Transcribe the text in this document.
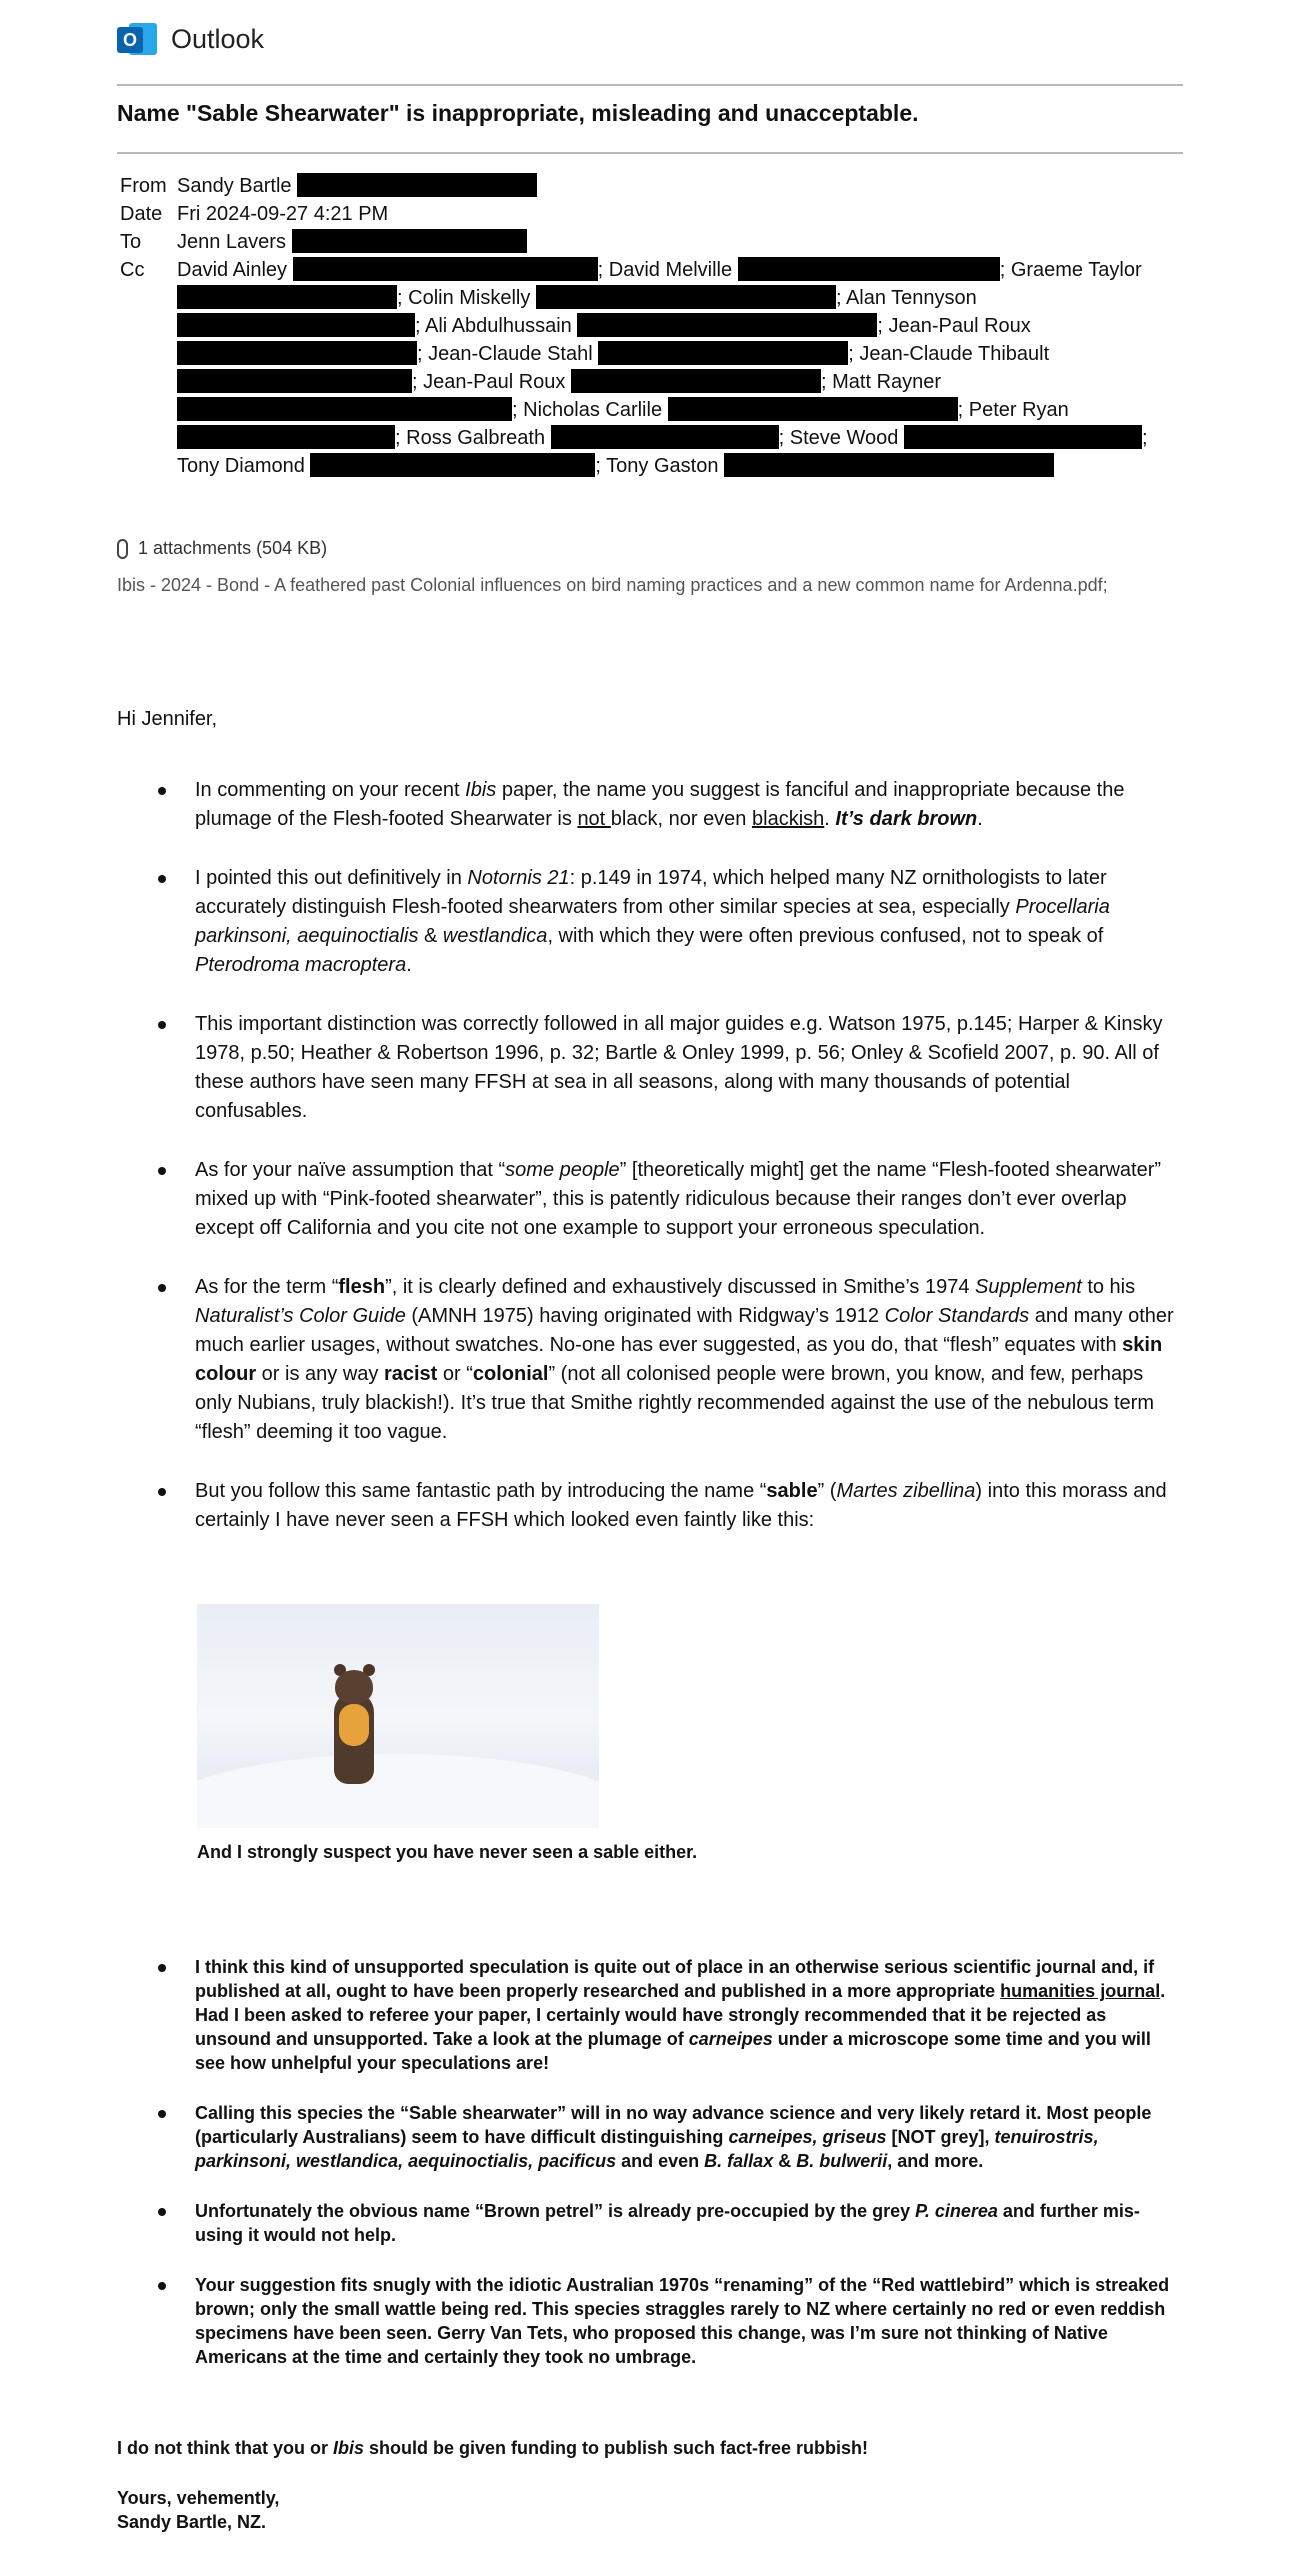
O Outlook
Name "Sable Shearwater" is inappropriate, misleading and unacceptable.
From Sandy Bartle
Date Fri 2024-09-27 4:21 PM
To	Jenn Lavers
Cc	David Ainley	; David Melville	; Graeme Taylor
; Colin Miskelly	; Alan Tennyson
; Ali Abdulhussain	; Jean-Paul Roux
; Jean-Claude Stahl	; Jean-Claude Thibault
; Jean-Paul Roux	; Matt Rayner
; Nicholas Carlile	; Peter Ryan
; Ross Galbreath	; Steve Wood	;
Tony Diamond	; Tony Gaston
1 attachments (504 KB)
Ibis - 2024 - Bond - A feathered past Colonial influences on bird naming practices and a new common name for Ardenna.pdf;
Hi Jennifer,
In commenting on your recent Ibis paper, the name you suggest is fanciful and inappropriate because the plumage of the Flesh-footed Shearwater is not black, nor even blackish. It’s dark brown.
I pointed this out definitively in Notornis 21: p.149 in 1974, which helped many NZ ornithologists to later accurately distinguish Flesh-footed shearwaters from other similar species at sea, especially Procellaria parkinsoni, aequinoctialis & westlandica, with which they were often previous confused, not to speak of Pterodroma macroptera.
This important distinction was correctly followed in all major guides e.g. Watson 1975, p.145; Harper & Kinsky 1978, p.50; Heather & Robertson 1996, p. 32; Bartle & Onley 1999, p. 56; Onley & Scofield 2007, p. 90. All of these authors have seen many FFSH at sea in all seasons, along with many thousands of potential confusables.
As for your naïve assumption that “some people” [theoretically might] get the name “Flesh-footed shearwater” mixed up with “Pink-footed shearwater”, this is patently ridiculous because their ranges don’t ever overlap except off California and you cite not one example to support your erroneous speculation.
As for the term “flesh”, it is clearly defined and exhaustively discussed in Smithe’s 1974 Supplement to his Naturalist’s Color Guide (AMNH 1975) having originated with Ridgway’s 1912 Color Standards and many other much earlier usages, without swatches. No-one has ever suggested, as you do, that “flesh” equates with skin colour or is any way racist or “colonial” (not all colonised people were brown, you know, and few, perhaps only Nubians, truly blackish!). It’s true that Smithe rightly recommended against the use of the nebulous term “flesh” deeming it too vague.
But you follow this same fantastic path by introducing the name “sable” (Martes zibellina) into this morass and certainly I have never seen a FFSH which looked even faintly like this:
And I strongly suspect you have never seen a sable either.
I think this kind of unsupported speculation is quite out of place in an otherwise serious scientific journal and, if published at all, ought to have been properly researched and published in a more appropriate humanities journal. Had I been asked to referee your paper, I certainly would have strongly recommended that it be rejected as unsound and unsupported. Take a look at the plumage of carneipes under a microscope some time and you will see how unhelpful your speculations are!
Calling this species the “Sable shearwater” will in no way advance science and very likely retard it. Most people (particularly Australians) seem to have difficult distinguishing carneipes, griseus [NOT grey], tenuirostris, parkinsoni, westlandica, aequinoctialis, pacificus and even B. fallax & B. bulwerii, and more.
Unfortunately the obvious name “Brown petrel” is already pre-occupied by the grey P. cinerea and further mis-using it would not help.
Your suggestion fits snugly with the idiotic Australian 1970s “renaming” of the “Red wattlebird” which is streaked brown; only the small wattle being red. This species straggles rarely to NZ where certainly no red or even reddish specimens have been seen. Gerry Van Tets, who proposed this change, was I’m sure not thinking of Native Americans at the time and certainly they took no umbrage.
I do not think that you or Ibis should be given funding to publish such fact-free rubbish!
Yours, vehemently,
Sandy Bartle, NZ.
